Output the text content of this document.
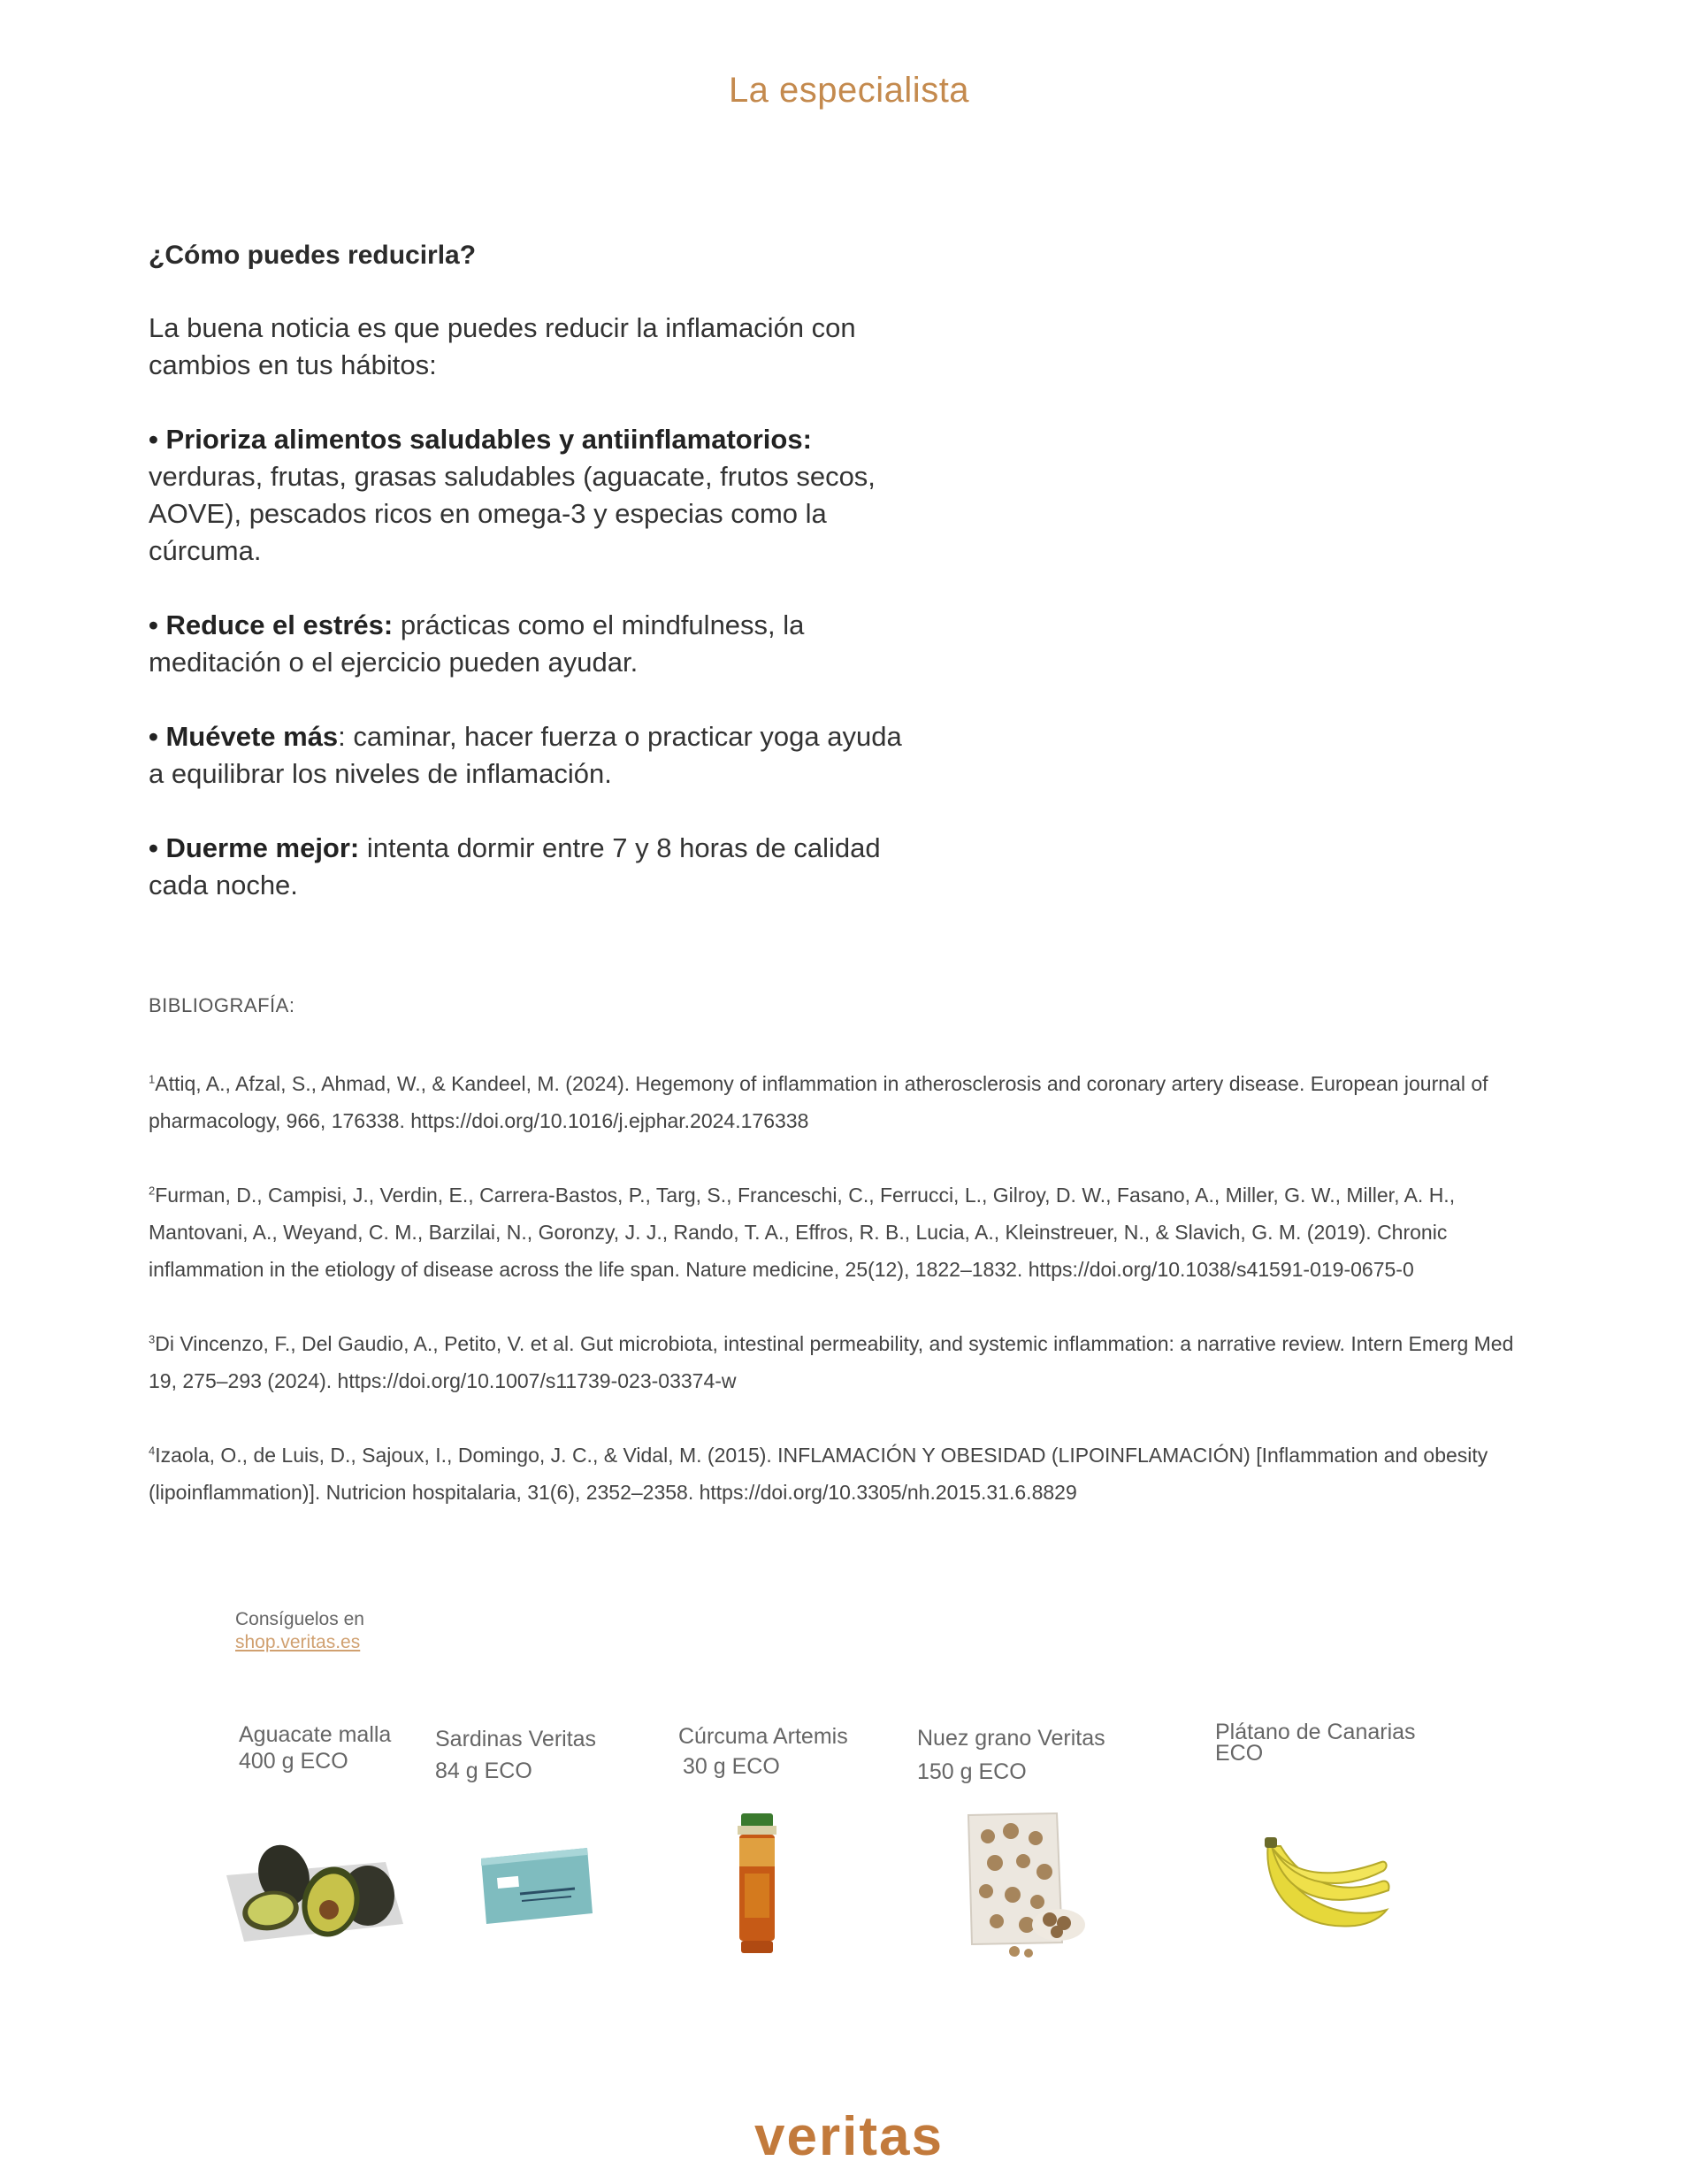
La especialista

¿Cómo puedes reducirla?

La buena noticia es que puedes reducir la inflamación con cambios en tus hábitos:

• Prioriza alimentos saludables y antiinflamatorios: verduras, frutas, grasas saludables (aguacate, frutos secos, AOVE), pescados ricos en omega-3 y especias como la cúrcuma.

• Reduce el estrés: prácticas como el mindfulness, la meditación o el ejercicio pueden ayudar.

• Muévete más: caminar, hacer fuerza o practicar yoga ayuda a equilibrar los niveles de inflamación.

• Duerme mejor: intenta dormir entre 7 y 8 horas de calidad cada noche.

BIBLIOGRAFÍA:

$^1$Attiq, A., Afzal, S., Ahmad, W., & Kandeel, M. (2024). Hegemony of inflammation in atherosclerosis and coronary artery disease. European journal of pharmacology, 966, 176338. https://doi.org/10.1016/j.ejphar.2024.176338

$^2$Furman, D., Campisi, J., Verdin, E., Carrera-Bastos, P., Targ, S., Franceschi, C., Ferrucci, L., Gilroy, D. W., Fasano, A., Miller, G. W., Miller, A. H., Mantovani, A., Weyand, C. M., Barzilai, N., Goronzy, J. J., Rando, T. A., Effros, R. B., Lucia, A., Kleinstreuer, N., & Slavich, G. M. (2019). Chronic inflammation in the etiology of disease across the life span. Nature medicine, 25(12), 1822–1832. https://doi.org/10.1038/s41591-019-0675-0

$^3$Di Vincenzo, F., Del Gaudio, A., Petito, V. et al. Gut microbiota, intestinal permeability, and systemic inflammation: a narrative review. Intern Emerg Med 19, 275–293 (2024). https://doi.org/10.1007/s11739-023-03374-w

$^4$Izaola, O., de Luis, D., Sajoux, I., Domingo, J. C., & Vidal, M. (2015). INFLAMACIÓN Y OBESIDAD (LIPOINFLAMACIÓN) [Inflammation and obesity (lipoinflammation)]. Nutricion hospitalaria, 31(6), 2352–2358. https://doi.org/10.3305/nh.2015.31.6.8829

Consíguelos en
shop.veritas.es
Aguacate malla
400 g ECO
Sardinas Veritas
84 g ECO
Cúrcuma Artemis
30 g ECO
Nuez grano Veritas
150 g ECO
Plátano de Canarias
ECO
veritas
